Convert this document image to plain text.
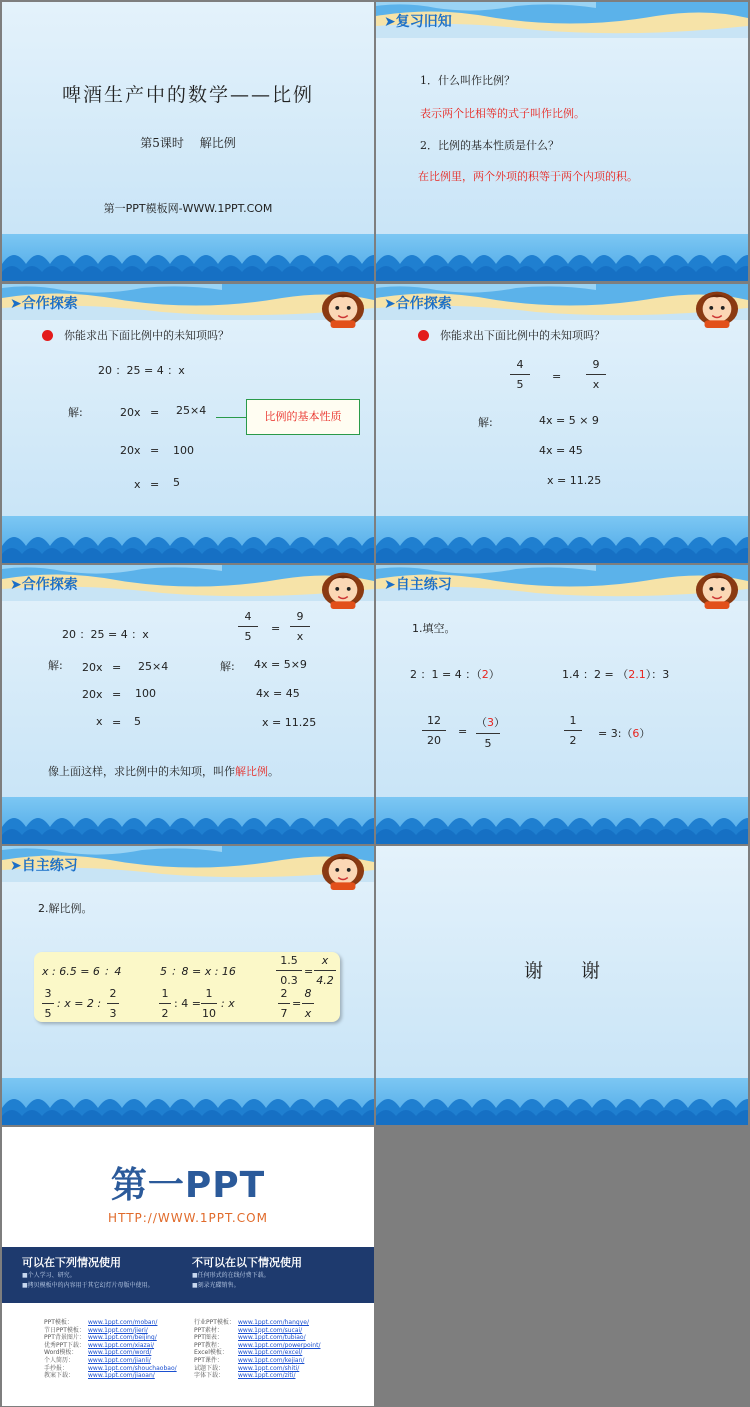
啤酒生产中的数学——比例
第5课时　 解比例
第一PPT模板网-WWW.1PPT.COM
➤复习旧知
1．什么叫作比例？
表示两个比相等的式子叫作比例。
2．比例的基本性质是什么？
在比例里，两个外项的积等于两个内项的积。
➤合作探索
你能求出下面比例中的未知项吗？
20 ：25 = 4 ：x
解:	20x = 25×4
20x = 100
x = 5
比例的基本性质
➤合作探索
你能求出下面比例中的未知项吗？
4
5
=
9
x
解:	4x = 5 × 9
4x = 45
x = 11.25
➤合作探索
20 ：25 = 4 ：x
4
5
=
9
x
解: 20x = 25×4
20x = 100
x = 5
解: 4x = 5×9
4x = 45
x = 11.25
像上面这样，求比例中的未知项，叫作解比例。
➤自主练习
1.填空。
2 ：1 = 4 ：（2）	1.4 ：2 = （2.1）：3
12
20
=
（3）
5
1
2
= 3:（6）
➤自主练习
2.解比例。
x : 6.5 = 6 ：4	5 ：8 = x : 16
1.5
0.3
=
x
4.2
3
5
: x = 2 :
2
3
1
2
: 4 =
1
10
: x
2
7
=
8
x
谢　　谢
第一PPT
HTTP://WWW.1PPT.COM
可以在下列情况使用
■个人学习、研究。
■拷贝模板中的内容用于其它幻灯片母版中使用。
不可以在以下情况使用
■任何形式的在线付费下载。
■刻录光碟销售。
PPT模板：	www.1ppt.com/moban/
节日PPT模板： www.1ppt.com/jieri/
PPT背景图片： www.1ppt.com/beijing/
优秀PPT下载： www.1ppt.com/xiazai/
Word模板： www.1ppt.com/word/
个人简历： www.1ppt.com/jianli/
手抄报：	www.1ppt.com/shouchaobao/
教案下载： www.1ppt.com/jiaoan/
行业PPT模板： www.1ppt.com/hangye/
PPT素材：	www.1ppt.com/sucai/
PPT图表：	www.1ppt.com/tubiao/
PPT教程：	www.1ppt.com/powerpoint/
Excel模板： www.1ppt.com/excel/
PPT课件：	www.1ppt.com/kejian/
试题下载： www.1ppt.com/shiti/
字体下载： www.1ppt.com/ziti/
